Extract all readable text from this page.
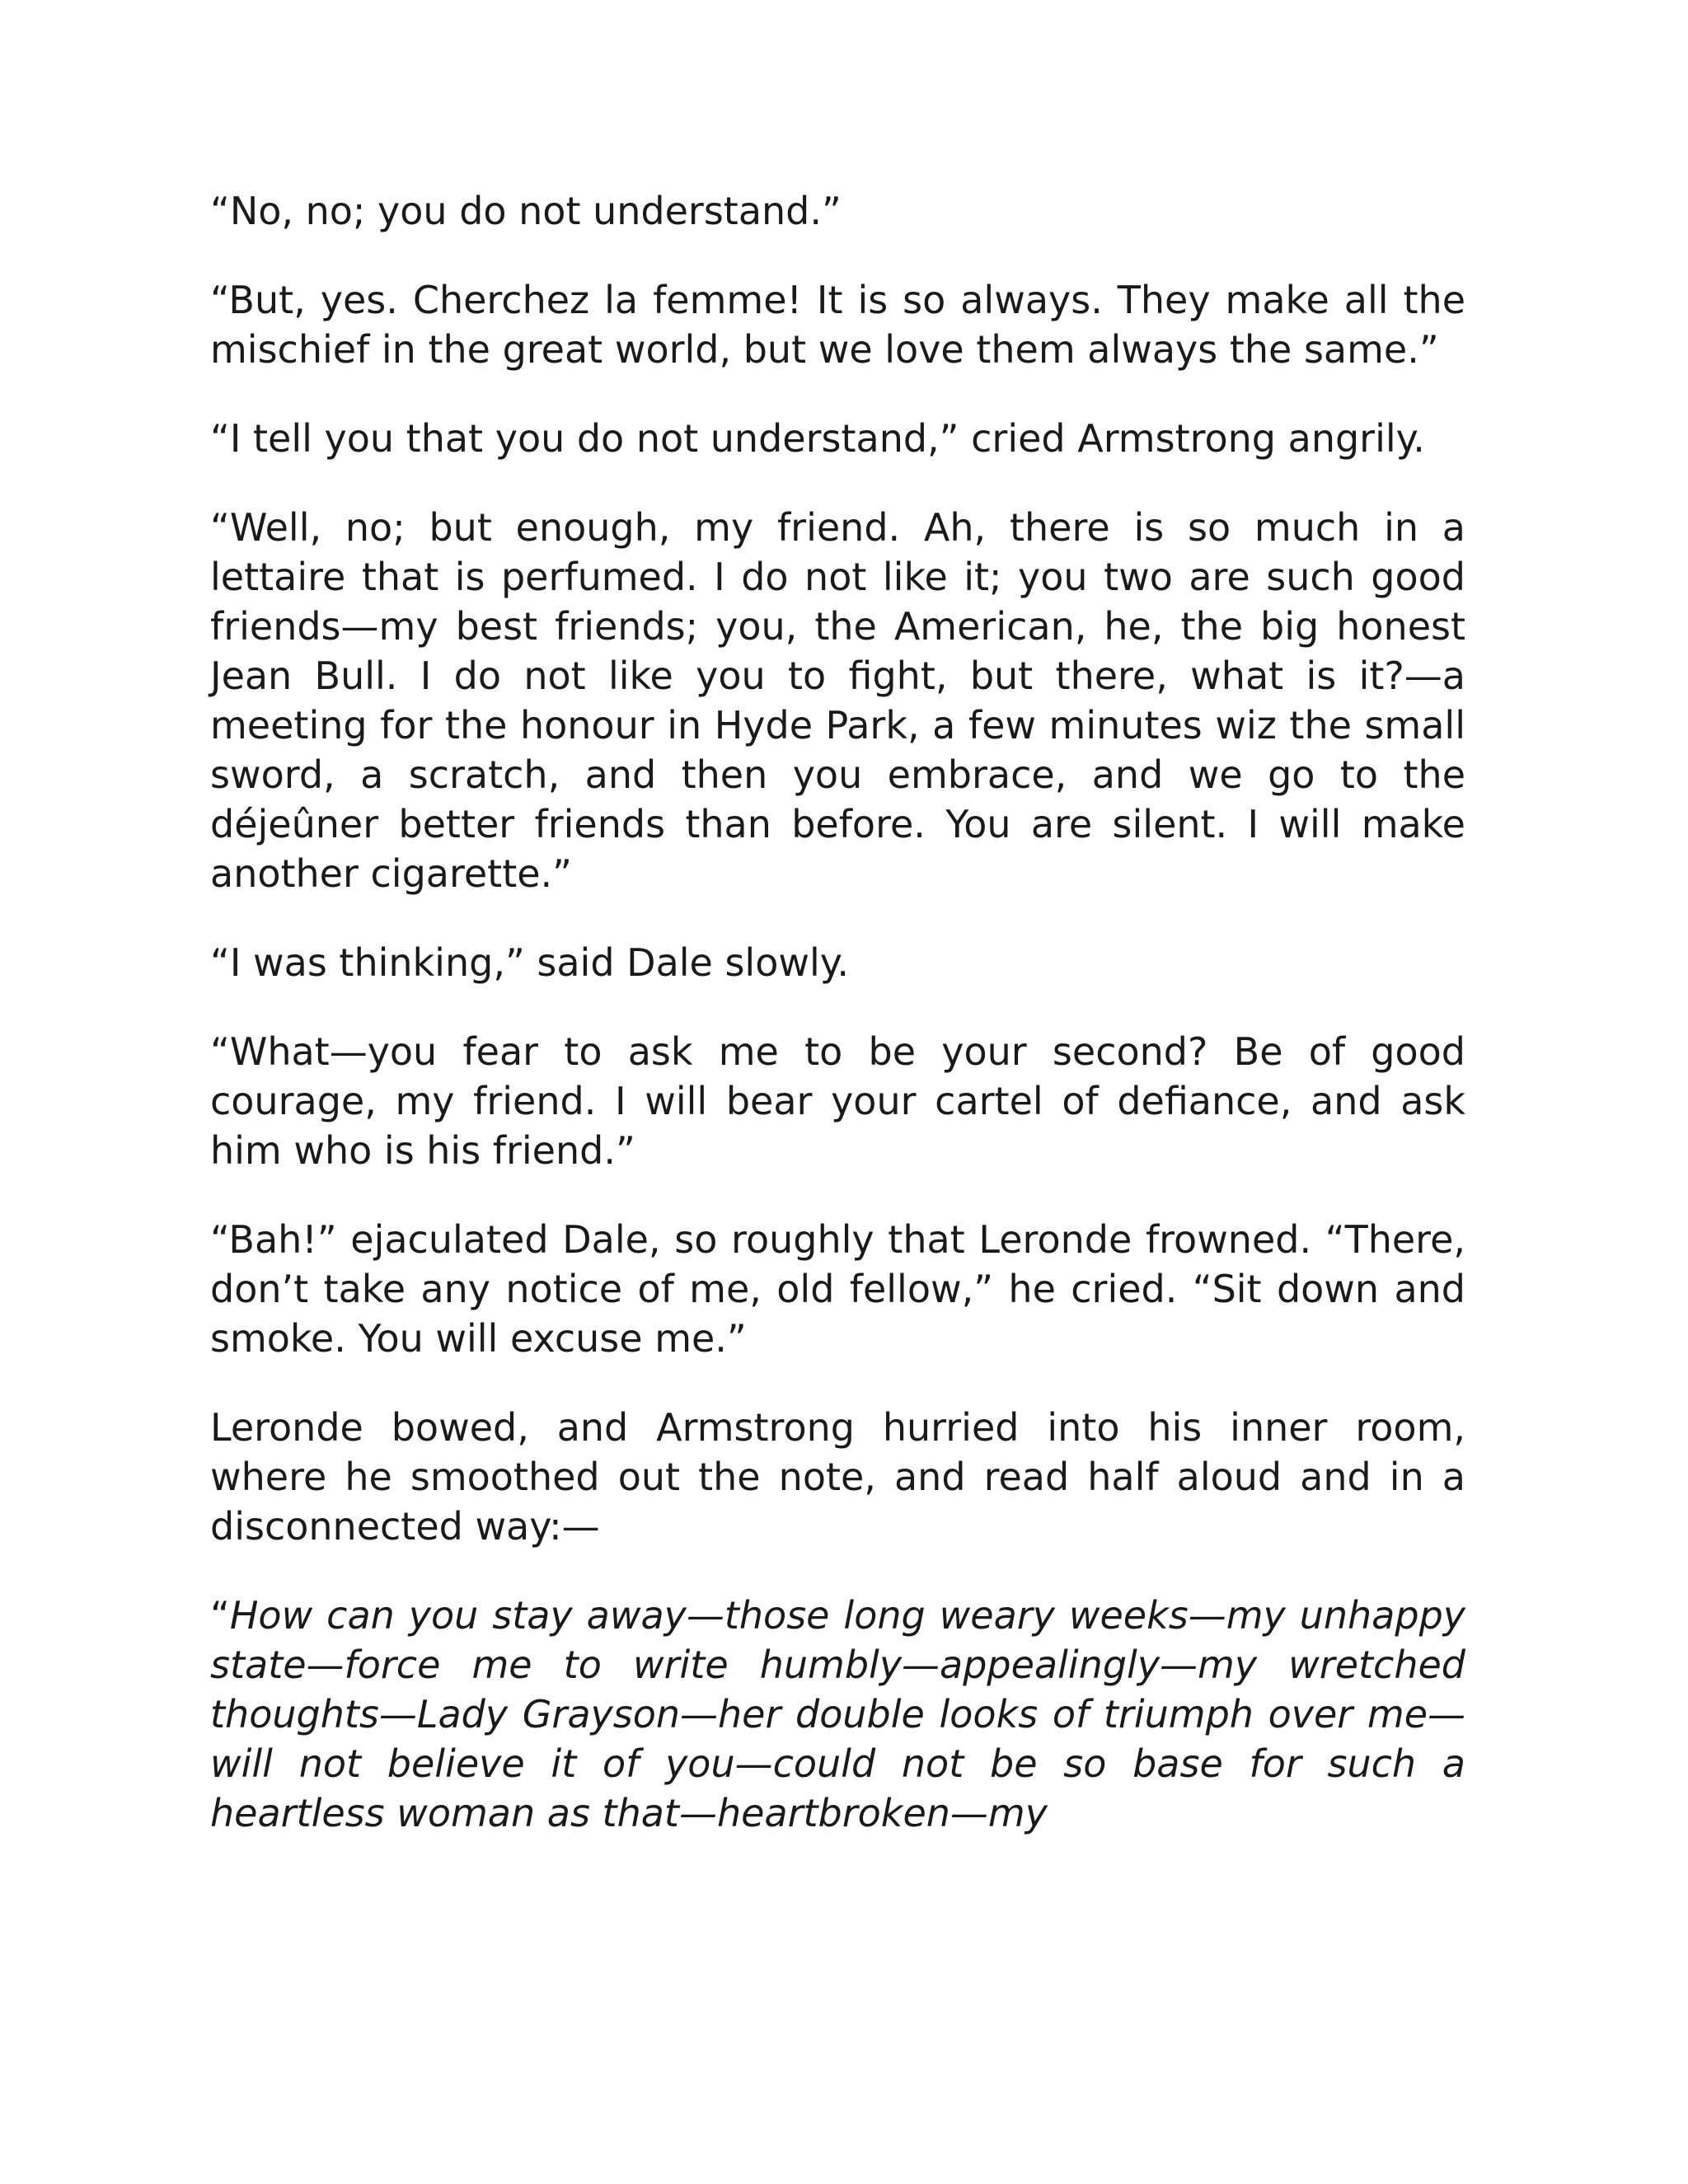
“No, no; you do not understand.”

“But, yes. Cherchez la femme! It is so always. They make all the mischief in the great world, but we love them always the same.”

“I tell you that you do not understand,” cried Armstrong angrily.

“Well, no; but enough, my friend. Ah, there is so much in a lettaire that is perfumed. I do not like it; you two are such good friends—my best friends; you, the American, he, the big honest Jean Bull. I do not like you to fight, but there, what is it?—a meeting for the honour in Hyde Park, a few minutes wiz the small sword, a scratch, and then you embrace, and we go to the déjeûner better friends than before. You are silent. I will make another cigarette.”

“I was thinking,” said Dale slowly.

“What—you fear to ask me to be your second? Be of good courage, my friend. I will bear your cartel of defiance, and ask him who is his friend.”

“Bah!” ejaculated Dale, so roughly that Leronde frowned. “There, don’t take any notice of me, old fellow,” he cried. “Sit down and smoke. You will excuse me.”

Leronde bowed, and Armstrong hurried into his inner room, where he smoothed out the note, and read half aloud and in a disconnected way:—

“How can you stay away—those long weary weeks—my unhappy state—force me to write humbly—appealingly—my wretched thoughts—Lady Grayson—her double looks of triumph over me—will not believe it of you—could not be so base for such a heartless woman as that—heartbroken—my
